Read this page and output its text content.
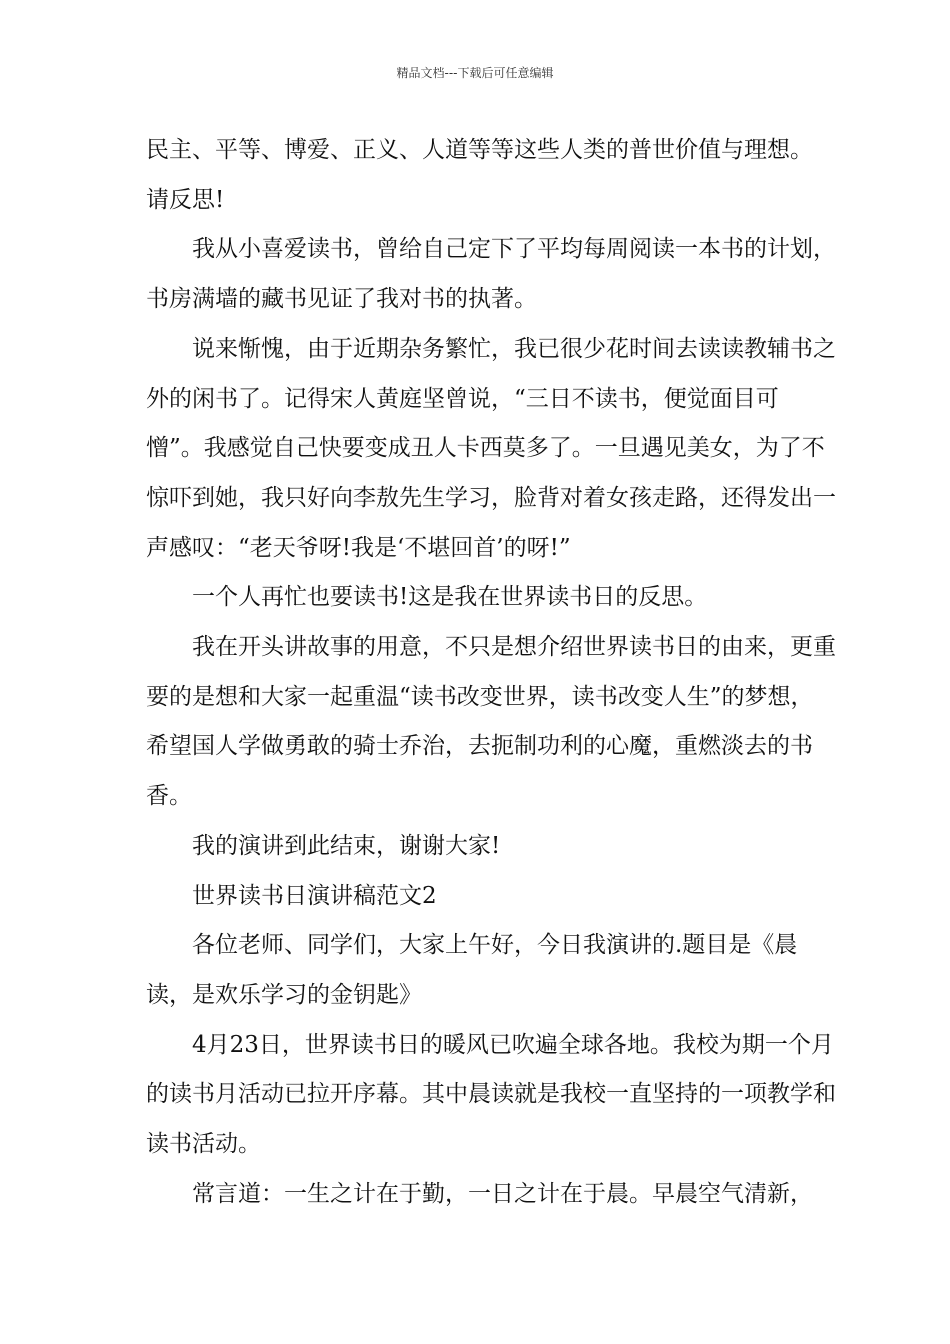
精品文档---下载后可任意编辑

民主、平等、博爱、正义、人道等等这些人类的普世价值与理想。

请反思!

我从小喜爱读书，曾给自己定下了平均每周阅读一本书的计划，书房满墙的藏书见证了我对书的执著。

说来惭愧，由于近期杂务繁忙，我已很少花时间去读读教辅书之外的闲书了。记得宋人黄庭坚曾说，“三日不读书，便觉面目可憎”。我感觉自己快要变成丑人卡西莫多了。一旦遇见美女，为了不惊吓到她，我只好向李敖先生学习，脸背对着女孩走路，还得发出一声感叹：“老天爷呀!我是‘不堪回首’的呀!”

一个人再忙也要读书!这是我在世界读书日的反思。

我在开头讲故事的用意，不只是想介绍世界读书日的由来，更重要的是想和大家一起重温“读书改变世界，读书改变人生”的梦想，希望国人学做勇敢的骑士乔治，去扼制功利的心魔，重燃淡去的书香。

我的演讲到此结束，谢谢大家!

世界读书日演讲稿范文2

各位老师、同学们，大家上午好，今日我演讲的.题目是《晨读，是欢乐学习的金钥匙》

4月23日，世界读书日的暖风已吹遍全球各地。我校为期一个月的读书月活动已拉开序幕。其中晨读就是我校一直坚持的一项教学和读书活动。

常言道：一生之计在于勤，一日之计在于晨。早晨空气清新，
